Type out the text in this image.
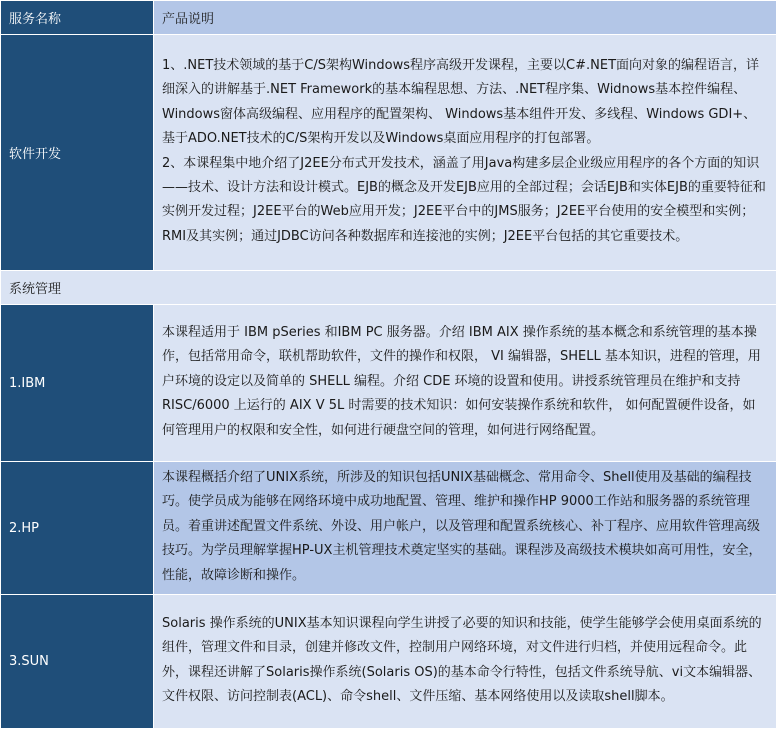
服务名称	产品说明
软件开发	1、.NET技术领域的基于C/S架构Windows程序高级开发课程，主要以C#.NET面向对象的编程语言，详细深入的讲解基于.NET Framework的基本编程思想、方法、.NET程序集、Widnows基本控件编程、Windows窗体高级编程、应用程序的配置架构、 Windows基本组件开发、多线程、Windows GDI+、基于ADO.NET技术的C/S架构开发以及Windows桌面应用程序的打包部署。

2、本课程集中地介绍了J2EE分布式开发技术，涵盖了用Java构建多层企业级应用程序的各个方面的知识——技术、设计方法和设计模式。EJB的概念及开发EJB应用的全部过程；会话EJB和实体EJB的重要特征和实例开发过程；J2EE平台的Web应用开发；J2EE平台中的JMS服务；J2EE平台使用的安全模型和实例；RMI及其实例；通过JDBC访问各种数据库和连接池的实例；J2EE平台包括的其它重要技术。

系统管理	
1.IBM	本课程适用于 IBM pSeries 和IBM PC 服务器。介绍 IBM AIX 操作系统的基本概念和系统管理的基本操作，包括常用命令，联机帮助软件，文件的操作和权限， VI 编辑器，SHELL 基本知识，进程的管理，用户环境的设定以及简单的 SHELL 编程。介绍 CDE 环境的设置和使用。讲授系统管理员在维护和支持 RISC/6000 上运行的 AIX V 5L 时需要的技术知识：如何安装操作系统和软件， 如何配置硬件设备，如何管理用户的权限和安全性，如何进行硬盘空间的管理，如何进行网络配置。

2.HP	本课程概括介绍了UNIX系统，所涉及的知识包括UNIX基础概念、常用命令、Shell使用及基础的编程技巧。使学员成为能够在网络环境中成功地配置、管理、维护和操作HP 9000工作站和服务器的系统管理员。着重讲述配置文件系统、外设、用户帐户，以及管理和配置系统核心、补丁程序、应用软件管理高级技巧。为学员理解掌握HP-UX主机管理技术奠定坚实的基础。课程涉及高级技术模块如高可用性，安全，性能，故障诊断和操作。

3.SUN	Solaris 操作系统的UNIX基本知识课程向学生讲授了必要的知识和技能，使学生能够学会使用桌面系统的组件，管理文件和目录，创建并修改文件，控制用户网络环境，对文件进行归档，并使用远程命令。此外，课程还讲解了Solaris操作系统(Solaris OS)的基本命令行特性，包括文件系统导航、vi文本编辑器、文件权限、访问控制表(ACL)、命令shell、文件压缩、基本网络使用以及读取shell脚本。
